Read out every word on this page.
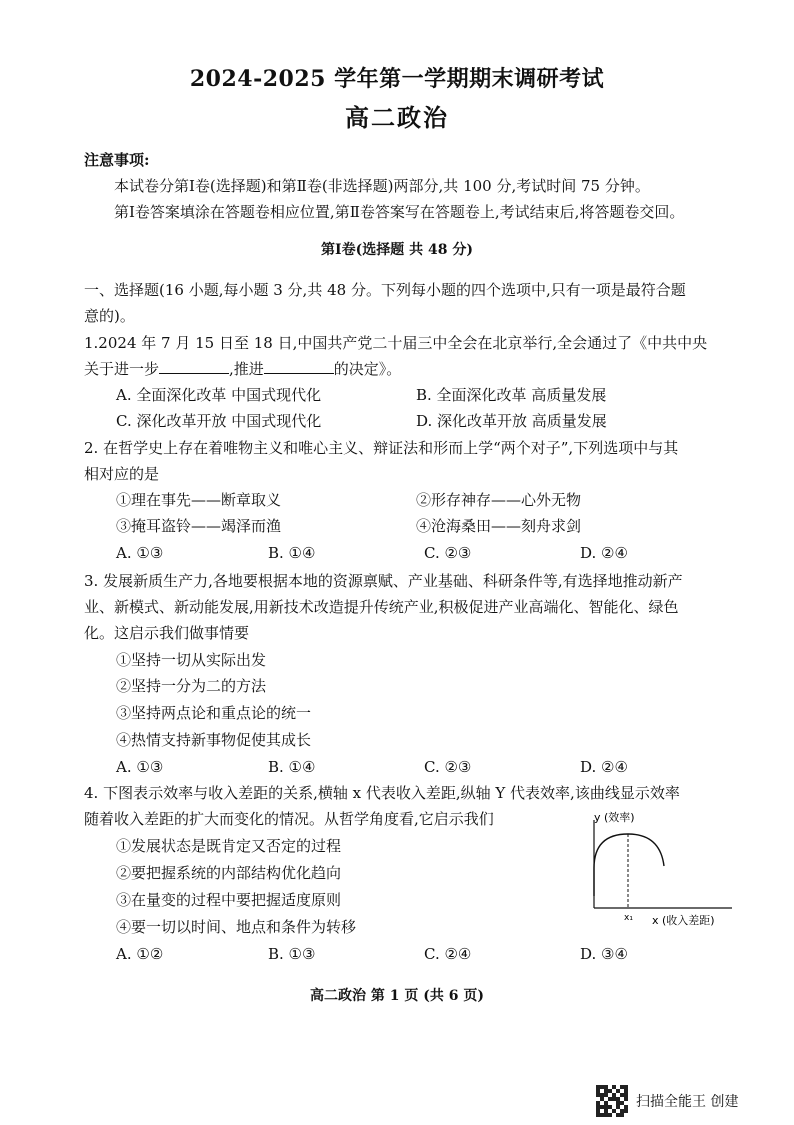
2024-2025 学年第一学期期末调研考试
高二政治
注意事项:
本试卷分第Ⅰ卷(选择题)和第Ⅱ卷(非选择题)两部分,共 100 分,考试时间 75 分钟。
第Ⅰ卷答案填涂在答题卷相应位置,第Ⅱ卷答案写在答题卷上,考试结束后,将答题卷交回。
第Ⅰ卷(选择题 共 48 分)
一、选择题(16 小题,每小题 3 分,共 48 分。下列每小题的四个选项中,只有一项是最符合题
意的)。
1.2024 年 7 月 15 日至 18 日,中国共产党二十届三中全会在北京举行,全会通过了《中共中央
关于进一步	,推进	的决定》。
A. 全面深化改革 中国式现代化	B. 全面深化改革 高质量发展
C. 深化改革开放 中国式现代化	D. 深化改革开放 高质量发展
2. 在哲学史上存在着唯物主义和唯心主义、辩证法和形而上学“两个对子”,下列选项中与其
相对应的是
①理在事先——断章取义	②形存神存——心外无物
③掩耳盗铃——竭泽而渔	④沧海桑田——刻舟求剑
A. ①③	B. ①④	C. ②③	D. ②④
3. 发展新质生产力,各地要根据本地的资源禀赋、产业基础、科研条件等,有选择地推动新产
业、新模式、新动能发展,用新技术改造提升传统产业,积极促进产业高端化、智能化、绿色
化。这启示我们做事情要
①坚持一切从实际出发
②坚持一分为二的方法
③坚持两点论和重点论的统一
④热情支持新事物促使其成长
A. ①③	B. ①④	C. ②③	D. ②④
4. 下图表示效率与收入差距的关系,横轴 x 代表收入差距,纵轴 Y 代表效率,该曲线显示效率
随着收入差距的扩大而变化的情况。从哲学角度看,它启示我们
①发展状态是既肯定又否定的过程
②要把握系统的内部结构优化趋向
③在量变的过程中要把握适度原则
④要一切以时间、地点和条件为转移
A. ①②	B. ①③	C. ②④	D. ③④
y (效率)
x₁ x (收入差距)
高二政治 第 1 页 (共 6 页)
扫描全能王 创建
